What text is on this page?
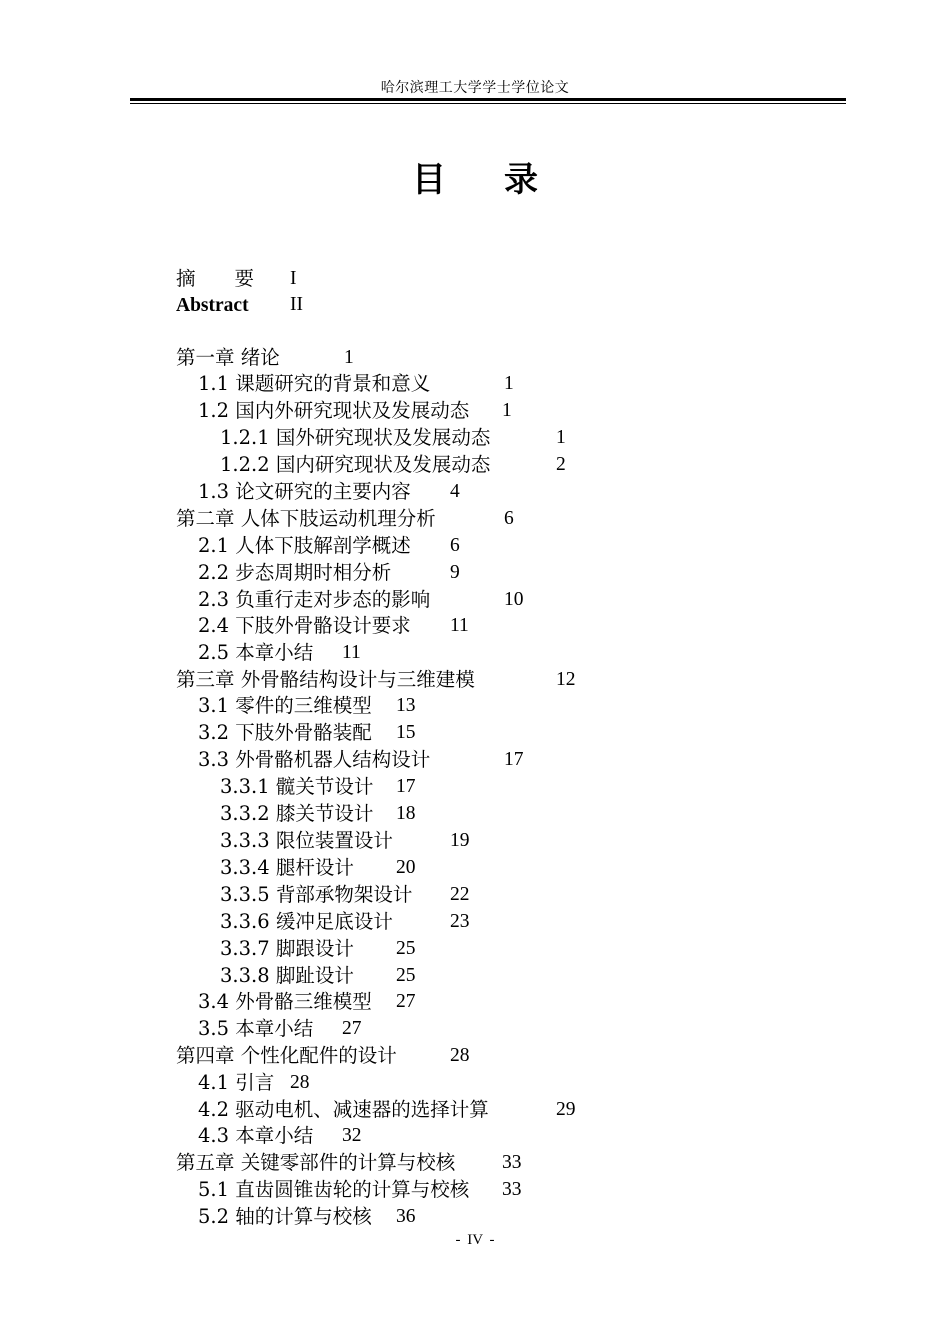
哈尔滨理工大学学士学位论文
目录
摘　　要 I
Abstract II
第一章 绪论	1
1.1 课题研究的背景和意义	1
1.2 国内外研究现状及发展动态 1
1.2.1 国外研究现状及发展动态	1
1.2.2 国内研究现状及发展动态	2
1.3 论文研究的主要内容 4
第二章 人体下肢运动机理分析	6
2.1 人体下肢解剖学概述 6
2.2 步态周期时相分析	9
2.3 负重行走对步态的影响	10
2.4 下肢外骨骼设计要求 11
2.5 本章小结 11
第三章 外骨骼结构设计与三维建模	12
3.1 零件的三维模型 13
3.2 下肢外骨骼装配 15
3.3 外骨骼机器人结构设计	17
3.3.1 髋关节设计 17
3.3.2 膝关节设计 18
3.3.3 限位装置设计	19
3.3.4 腿杆设计 20
3.3.5 背部承物架设计 22
3.3.6 缓冲足底设计	23
3.3.7 脚跟设计 25
3.3.8 脚趾设计 25
3.4 外骨骼三维模型 27
3.5 本章小结 27
第四章 个性化配件的设计	28
4.1 引言 28
4.2 驱动电机、减速器的选择计算	29
4.3 本章小结 32
第五章 关键零部件的计算与校核 33
5.1 直齿圆锥齿轮的计算与校核 33
5.2 轴的计算与校核 36
- IV -
